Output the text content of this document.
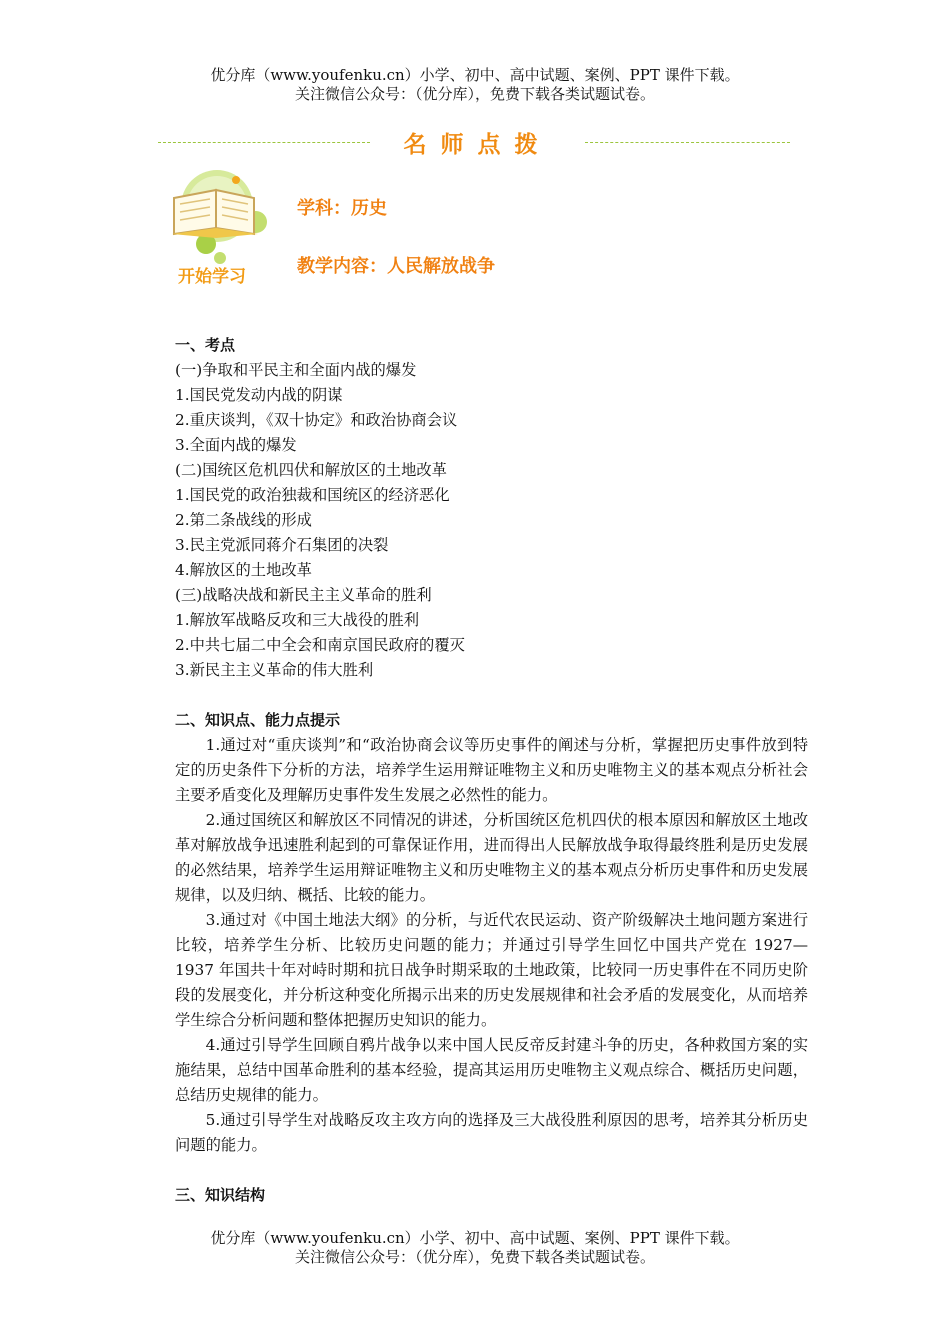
优分库（www.youfenku.cn）小学、初中、高中试题、案例、PPT 课件下载。
关注微信公众号：（优分库），免费下载各类试题试卷。
名师点拨
开始学习
学科：历史
教学内容：人民解放战争
一、考点
(一)争取和平民主和全面内战的爆发
1.国民党发动内战的阴谋
2.重庆谈判，《双十协定》和政治协商会议
3.全面内战的爆发
(二)国统区危机四伏和解放区的土地改革
1.国民党的政治独裁和国统区的经济恶化
2.第二条战线的形成
3.民主党派同蒋介石集团的决裂
4.解放区的土地改革
(三)战略决战和新民主主义革命的胜利
1.解放军战略反攻和三大战役的胜利
2.中共七届二中全会和南京国民政府的覆灭
3.新民主主义革命的伟大胜利
二、知识点、能力点提示
1.通过对“重庆谈判”和“政治协商会议等历史事件的阐述与分析，掌握把历史事件放到特定的历史条件下分析的方法，培养学生运用辩证唯物主义和历史唯物主义的基本观点分析社会主要矛盾变化及理解历史事件发生发展之必然性的能力。
2.通过国统区和解放区不同情况的讲述，分析国统区危机四伏的根本原因和解放区土地改革对解放战争迅速胜利起到的可靠保证作用，进而得出人民解放战争取得最终胜利是历史发展的必然结果，培养学生运用辩证唯物主义和历史唯物主义的基本观点分析历史事件和历史发展规律，以及归纳、概括、比较的能力。
3.通过对《中国土地法大纲》的分析，与近代农民运动、资产阶级解决土地问题方案进行比较，培养学生分析、比较历史问题的能力；并通过引导学生回忆中国共产党在 1927—1937 年国共十年对峙时期和抗日战争时期采取的土地政策，比较同一历史事件在不同历史阶段的发展变化，并分析这种变化所揭示出来的历史发展规律和社会矛盾的发展变化，从而培养学生综合分析问题和整体把握历史知识的能力。
4.通过引导学生回顾自鸦片战争以来中国人民反帝反封建斗争的历史，各种救国方案的实施结果，总结中国革命胜利的基本经验，提高其运用历史唯物主义观点综合、概括历史问题，总结历史规律的能力。
5.通过引导学生对战略反攻主攻方向的选择及三大战役胜利原因的思考，培养其分析历史问题的能力。
三、知识结构
优分库（www.youfenku.cn）小学、初中、高中试题、案例、PPT 课件下载。
关注微信公众号：（优分库），免费下载各类试题试卷。
